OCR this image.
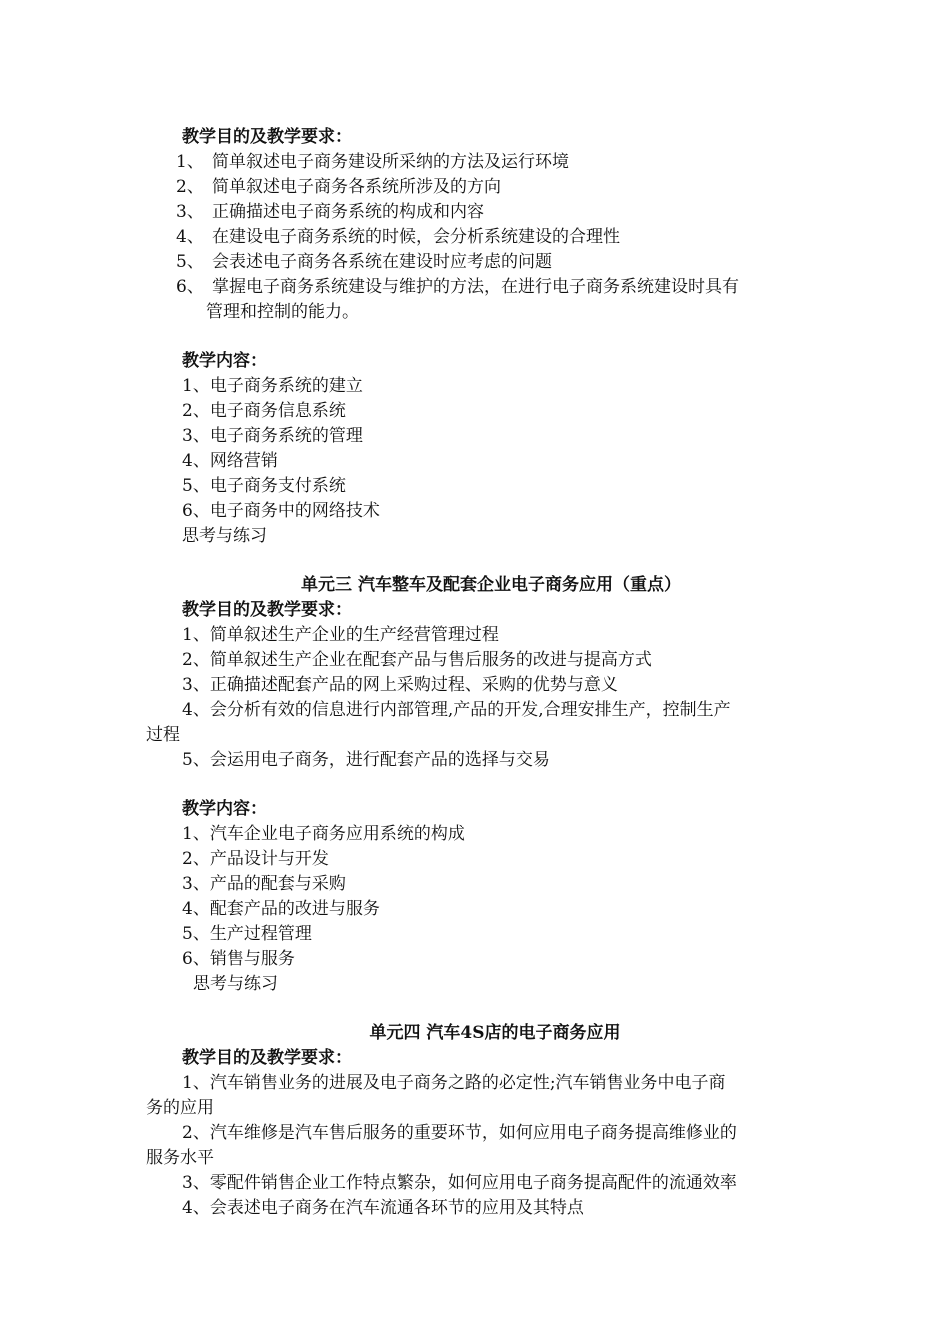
教学目的及教学要求：
1、 简单叙述电子商务建设所采纳的方法及运行环境
2、 简单叙述电子商务各系统所涉及的方向
3、 正确描述电子商务系统的构成和内容
4、 在建设电子商务系统的时候，会分析系统建设的合理性
5、 会表述电子商务各系统在建设时应考虑的问题
6、 掌握电子商务系统建设与维护的方法，在进行电子商务系统建设时具有
管理和控制的能力。
教学内容：
1、电子商务系统的建立
2、电子商务信息系统
3、电子商务系统的管理
4、网络营销
5、电子商务支付系统
6、电子商务中的网络技术
思考与练习
单元三 汽车整车及配套企业电子商务应用（重点）
教学目的及教学要求：
1、简单叙述生产企业的生产经营管理过程
2、简单叙述生产企业在配套产品与售后服务的改进与提高方式
3、正确描述配套产品的网上采购过程、采购的优势与意义
4、会分析有效的信息进行内部管理,产品的开发,合理安排生产，控制生产
过程
5、会运用电子商务，进行配套产品的选择与交易
教学内容：
1、汽车企业电子商务应用系统的构成
2、产品设计与开发
3、产品的配套与采购
4、配套产品的改进与服务
5、生产过程管理
6、销售与服务
思考与练习
单元四 汽车4S店的电子商务应用
教学目的及教学要求：
1、汽车销售业务的进展及电子商务之路的必定性;汽车销售业务中电子商
务的应用
2、汽车维修是汽车售后服务的重要环节，如何应用电子商务提高维修业的
服务水平
3、零配件销售企业工作特点繁杂，如何应用电子商务提高配件的流通效率
4、会表述电子商务在汽车流通各环节的应用及其特点
